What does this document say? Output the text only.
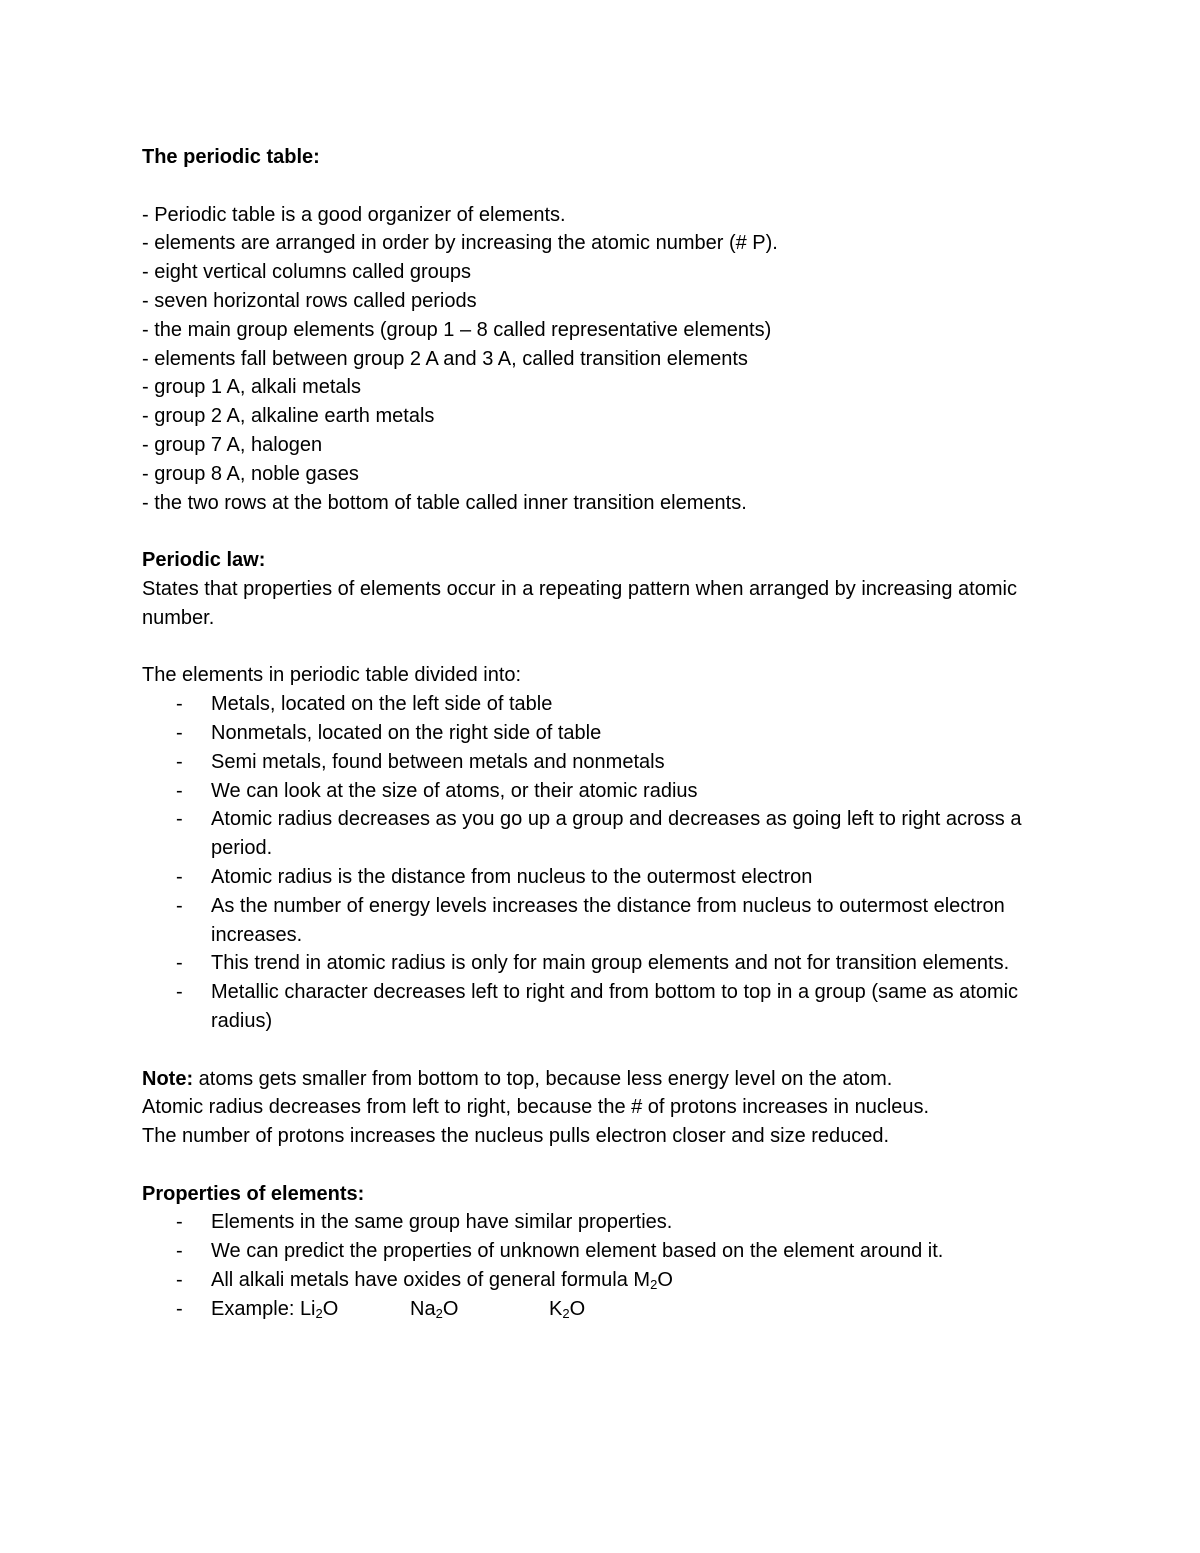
The periodic table:
- Periodic table is a good organizer of elements.
- elements are arranged in order by increasing the atomic number (# P).
- eight vertical columns called groups
- seven horizontal rows called periods
- the main group elements (group 1 – 8 called representative elements)
- elements fall between group 2 A and 3 A, called transition elements
- group 1 A, alkali metals
- group 2 A, alkaline earth metals
- group 7 A, halogen
- group 8 A, noble gases
- the two rows at the bottom of table called inner transition elements.
Periodic law:
States that properties of elements occur in a repeating pattern when arranged by increasing atomic number.
The elements in periodic table divided into:
- Metals, located on the left side of table
- Nonmetals, located on the right side of table
- Semi metals, found between metals and nonmetals
- We can look at the size of atoms, or their atomic radius
- Atomic radius decreases as you go up a group and decreases as going left to right across a period.
- Atomic radius is the distance from nucleus to the outermost electron
- As the number of energy levels increases the distance from nucleus to outermost electron increases.
- This trend in atomic radius is only for main group elements and not for transition elements.
- Metallic character decreases left to right and from bottom to top in a group (same as atomic radius)
Note: atoms gets smaller from bottom to top, because less energy level on the atom.
Atomic radius decreases from left to right, because the # of protons increases in nucleus.
The number of protons increases the nucleus pulls electron closer and size reduced.
Properties of elements:
- Elements in the same group have similar properties.
- We can predict the properties of unknown element based on the element around it.
- All alkali metals have oxides of general formula $M_2O$
- Example: $Li_2O$	$Na_2O$	$K_2O$
